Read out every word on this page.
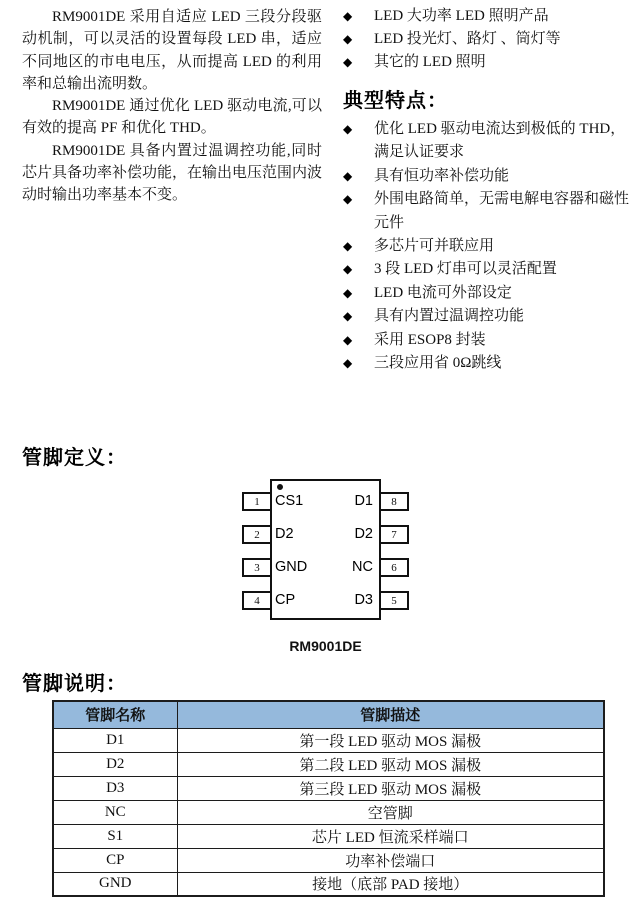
RM9001DE 采用自适应 LED 三段分段驱动机制，可以灵活的设置每段 LED 串，适应不同地区的市电电压，从而提高 LED 的利用率和总输出流明数。

RM9001DE 通过优化 LED 驱动电流,可以有效的提高 PF 和优化 THD。

RM9001DE 具备内置过温调控功能,同时芯片具备功率补偿功能，在输出电压范围内波动时输出功率基本不变。

◆	LED 大功率 LED 照明产品
◆	LED 投光灯、路灯 、筒灯等
◆	其它的 LED 照明
典型特点：
◆	优化 LED 驱动电流达到极低的 THD，满足认证要求
◆	具有恒功率补偿功能
◆	外围电路简单，无需电解电容器和磁性元件
◆	多芯片可并联应用
◆	3 段 LED 灯串可以灵活配置
◆	LED 电流可外部设定
◆	具有内置过温调控功能
◆	采用 ESOP8 封装
◆	三段应用省 0Ω跳线
管脚定义：
1
2
3
4
8
7
6
5
CS1
D2
GND
CP
D1
D2
NC
D3
RM9001DE
管脚说明：
管脚名称	管脚描述
D1	第一段 LED 驱动 MOS 漏极
D2	第二段 LED 驱动 MOS 漏极
D3	第三段 LED 驱动 MOS 漏极
NC	空管脚
S1	芯片 LED 恒流采样端口
CP	功率补偿端口
GND	接地（底部 PAD 接地）
